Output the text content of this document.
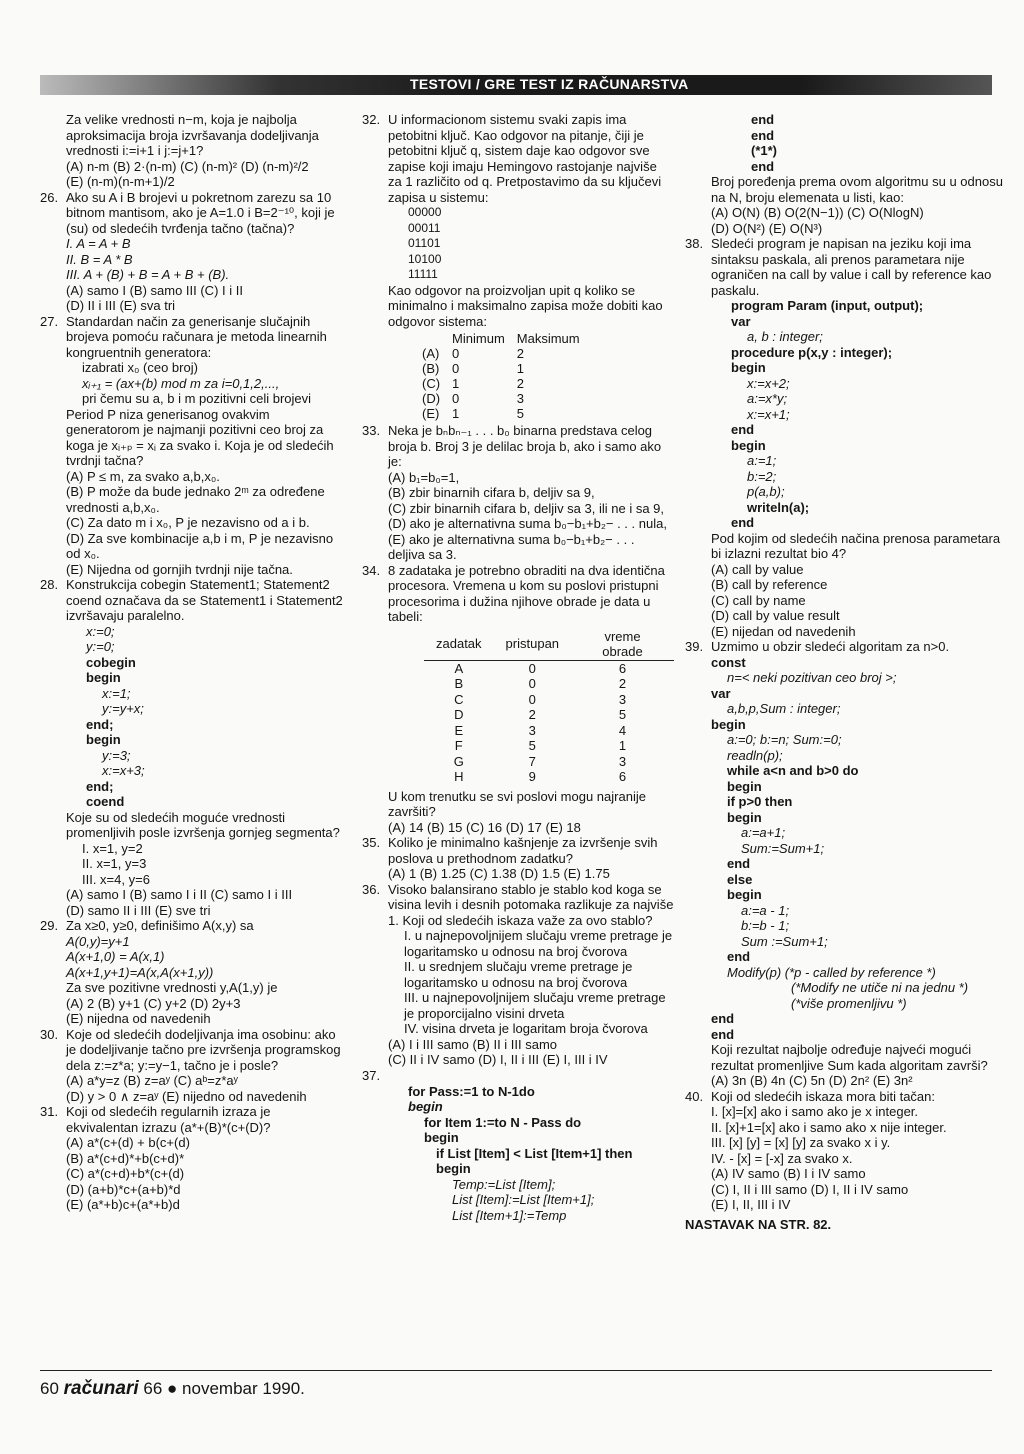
TESTOVI / GRE TEST IZ RAČUNARSTVA

Za velike vrednosti n−m, koja je najbolja aproksimacija broja izvršavanja dodeljivanja vrednosti i:=i+1 i j:=j+1?

(A) n-m (B) 2·(n-m) (C) (n-m)² (D) (n-m)²/2

(E) (n-m)(n-m+1)/2

26. Ako su A i B brojevi u pokretnom zarezu sa 10 bitnom mantisom, ako je A=1.0 i B=2⁻¹⁰, koji je (su) od sledećih tvrđenja tačno (tačna)?

I. A = A + B

II. B = A * B

III. A + (B) + B = A + B + (B).

(A) samo I (B) samo III (C) I i II

(D) II i III (E) sva tri

27. Standardan način za generisanje slučajnih brojeva pomoću računara je metoda linearnih kongruentnih generatora:

izabrati x₀ (ceo broj)

xᵢ₊₁ = (ax+(b) mod m za i=0,1,2,...,

pri čemu su a, b i m pozitivni celi brojevi

Period P niza generisanog ovakvim generatorom je najmanji pozitivni ceo broj za koga je xᵢ₊ₚ = xᵢ za svako i. Koja je od sledećih tvrdnji tačna?

(A) P ≤ m, za svako a,b,x₀.

(B) P može da bude jednako 2ᵐ za određene vrednosti a,b,x₀.

(C) Za dato m i x₀, P je nezavisno od a i b.

(D) Za sve kombinacije a,b i m, P je nezavisno od x₀.

(E) Nijedna od gornjih tvrdnji nije tačna.

28. Konstrukcija cobegin Statement1; Statement2 coend označava da se Statement1 i Statement2 izvršavaju paralelno.

x:=0;
y:=0;
cobegin
begin
x:=1;
y:=y+x;
end;
begin
y:=3;
x:=x+3;
end;
coend

Koje su od sledećih moguće vrednosti promenljivih posle izvršenja gornjeg segmenta?

I. x=1, y=2

II. x=1, y=3

III. x=4, y=6

(A) samo I (B) samo I i II (C) samo I i III

(D) samo II i III (E) sve tri

29. Za x≥0, y≥0, definišimo A(x,y) sa

A(0,y)=y+1

A(x+1,0) = A(x,1)

A(x+1,y+1)=A(x,A(x+1,y))

Za sve pozitivne vrednosti y,A(1,y) je

(A) 2 (B) y+1 (C) y+2 (D) 2y+3

(E) nijedna od navedenih

30. Koje od sledećih dodeljivanja ima osobinu: ako je dodeljivanje tačno pre izvršenja programskog dela z:=z*a; y:=y−1, tačno je i posle?

(A) a*y=z (B) z=aʸ (C) aᵇ=z*aʸ

(D) y > 0 ∧ z=aʸ (E) nijedno od navedenih

31. Koji od sledećih regularnih izraza je ekvivalentan izrazu (a*+(B)*(c+(D)?

(A) a*(c+(d) + b(c+(d)

(B) a*(c+d)*+b(c+d)*

(C) a*(c+d)+b*(c+(d)

(D) (a+b)*c+(a+b)*d

(E) (a*+b)c+(a*+b)d

32. U informacionom sistemu svaki zapis ima petobitni ključ. Kao odgovor na pitanje, čiji je petobitni ključ q, sistem daje kao odgovor sve zapise koji imaju Hemingovo rastojanje najviše za 1 različito od q. Pretpostavimo da su ključevi zapisa u sistemu:

00000
00011
01101
10100
11111

Kao odgovor na proizvoljan upit q koliko se minimalno i maksimalno zapisa može dobiti kao odgovor sistema:

	Minimum	Maksimum
(A)	0	2
(B)	0	1
(C)	1	2
(D)	0	3
(E)	1	5
33. Neka je bₙbₙ₋₁ . . . b₀ binarna predstava celog broja b. Broj 3 je delilac broja b, ako i samo ako je:

(A) b₁=b₀=1,

(B) zbir binarnih cifara b, deljiv sa 9,

(C) zbir binarnih cifara b, deljiv sa 3, ili ne i sa 9,

(D) ako je alternativna suma b₀−b₁+b₂− . . . nula,

(E) ako je alternativna suma b₀−b₁+b₂− . . . deljiva sa 3.

34. 8 zadataka je potrebno obraditi na dva identična procesora. Vremena u kom su poslovi pristupni procesorima i dužina njihove obrade je data u tabeli:

zadatak	pristupan	vreme obrade
A	0	6
B	0	2
C	0	3
D	2	5
E	3	4
F	5	1
G	7	3
H	9	6

U kom trenutku se svi poslovi mogu najranije završiti?

(A) 14 (B) 15 (C) 16 (D) 17 (E) 18

35. Koliko je minimalno kašnjenje za izvršenje svih poslova u prethodnom zadatku?

(A) 1 (B) 1.25 (C) 1.38 (D) 1.5 (E) 1.75

36. Visoko balansirano stablo je stablo kod koga se visina levih i desnih potomaka razlikuje za najviše 1. Koji od sledećih iskaza važe za ovo stablo?

I. u najnepovoljnijem slučaju vreme pretrage je logaritamsko u odnosu na broj čvorova

II. u srednjem slučaju vreme pretrage je logaritamsko u odnosu na broj čvorova

III. u najnepovoljnijem slučaju vreme pretrage je proporcijalno visini drveta

IV. visina drveta je logaritam broja čvorova

(A) I i III samo (B) II i III samo

(C) II i IV samo (D) I, II i III (E) I, III i IV

37.
for Pass:=1 to N-1do
begin
for Item 1:=to N - Pass do
begin
if List [Item] < List [Item+1] then
begin
Temp:=List [Item];
List [Item]:=List [Item+1];
List [Item+1]:=Temp
end
end
(*1*)
end

Broj poređenja prema ovom algoritmu su u odnosu na N, broju elemenata u listi, kao:

(A) O(N) (B) O(2(N−1)) (C) O(NlogN)

(D) O(N²) (E) O(N³)

38. Sledeći program je napisan na jeziku koji ima sintaksu paskala, ali prenos parametara nije ograničen na call by value i call by reference kao paskalu.

program Param (input, output);
var
a, b : integer;
procedure p(x,y : integer);
begin
x:=x+2;
a:=x*y;
x:=x+1;
end
begin
a:=1;
b:=2;
p(a,b);
writeln(a);
end

Pod kojim od sledećih načina prenosa parametara bi izlazni rezultat bio 4?

(A) call by value

(B) call by reference

(C) call by name

(D) call by value result

(E) nijedan od navedenih

39. Uzmimo u obzir sledeći algoritam za n>0.

const
n=< neki pozitivan ceo broj >;
var
a,b,p,Sum : integer;
begin
a:=0; b:=n; Sum:=0;
readln(p);
while a<n and b>0 do
begin
if p>0 then
begin
a:=a+1;
Sum:=Sum+1;
end
else
begin
a:=a - 1;
b:=b - 1;
Sum :=Sum+1;
end
Modify(p) (*p - called by reference *)
(*Modify ne utiče ni na jednu *)
(*više promenljivu *)
end
end

Koji rezultat najbolje određuje najveći mogući rezultat promenljive Sum kada algoritam završi?

(A) 3n (B) 4n (C) 5n (D) 2n² (E) 3n²

40. Koji od sledećih iskaza mora biti tačan:

I. [x]=[x] ako i samo ako je x integer.

II. [x]+1=[x] ako i samo ako x nije integer.

III. [x] [y] = [x] [y] za svako x i y.

IV. - [x] = [-x] za svako x.

(A) IV samo (B) I i IV samo

(C) I, II i III samo (D) I, II i IV samo

(E) I, II, III i IV

NASTAVAK NA STR. 82.
60 računari 66 ● novembar 1990.
